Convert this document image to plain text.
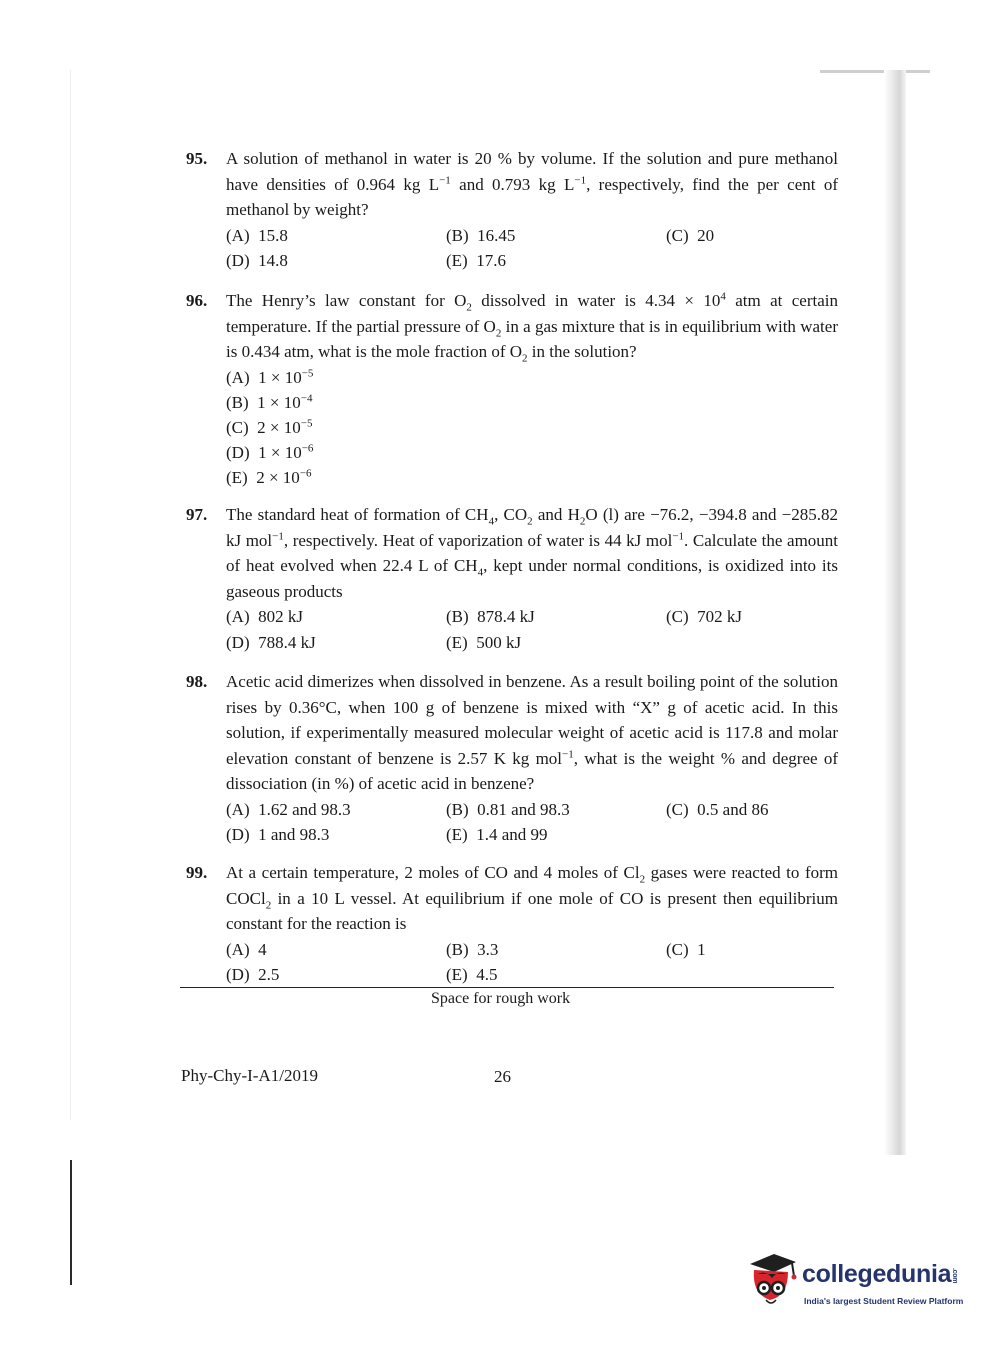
95. A solution of methanol in water is 20 % by volume. If the solution and pure methanol have densities of 0.964 kg $L^{-1}$ and 0.793 kg $L^{-1}$, respectively, find the per cent of methanol by weight?
(A) 15.8	(B) 16.45	(C) 20
(D) 14.8	(E) 17.6
96. The Henry’s law constant for $O_2$ dissolved in water is $4.34 \times 10^4$ atm at certain temperature. If the partial pressure of $O_2$ in a gas mixture that is in equilibrium with water is 0.434 atm, what is the mole fraction of $O_2$ in the solution?
(A) $1 \times 10^{-5}$
(B) $1 \times 10^{-4}$
(C) $2 \times 10^{-5}$
(D) $1 \times 10^{-6}$
(E) $2 \times 10^{-6}$
97. The standard heat of formation of $CH_4$, $CO_2$ and $H_2O$ (l) are −76.2, −394.8 and −285.82 kJ mol$^{-1}$, respectively. Heat of vaporization of water is 44 kJ mol$^{-1}$. Calculate the amount of heat evolved when 22.4 L of $CH_4$, kept under normal conditions, is oxidized into its gaseous products
(A) 802 kJ	(B) 878.4 kJ	(C) 702 kJ
(D) 788.4 kJ	(E) 500 kJ
98. Acetic acid dimerizes when dissolved in benzene. As a result boiling point of the solution rises by 0.36°C, when 100 g of benzene is mixed with “X” g of acetic acid. In this solution, if experimentally measured molecular weight of acetic acid is 117.8 and molar elevation constant of benzene is 2.57 K kg mol$^{-1}$, what is the weight % and degree of dissociation (in %) of acetic acid in benzene?
(A) 1.62 and 98.3	(B) 0.81 and 98.3	(C) 0.5 and 86
(D) 1 and 98.3	(E) 1.4 and 99
99. At a certain temperature, 2 moles of CO and 4 moles of $Cl_2$ gases were reacted to form COCl$_2$ in a 10 L vessel. At equilibrium if one mole of CO is present then equilibrium constant for the reaction is
(A) 4	(B) 3.3	(C) 1
(D) 2.5	(E) 4.5
Space for rough work
Phy-Chy-I-A1/2019	26
collegedunia.com
India's largest Student Review Platform
